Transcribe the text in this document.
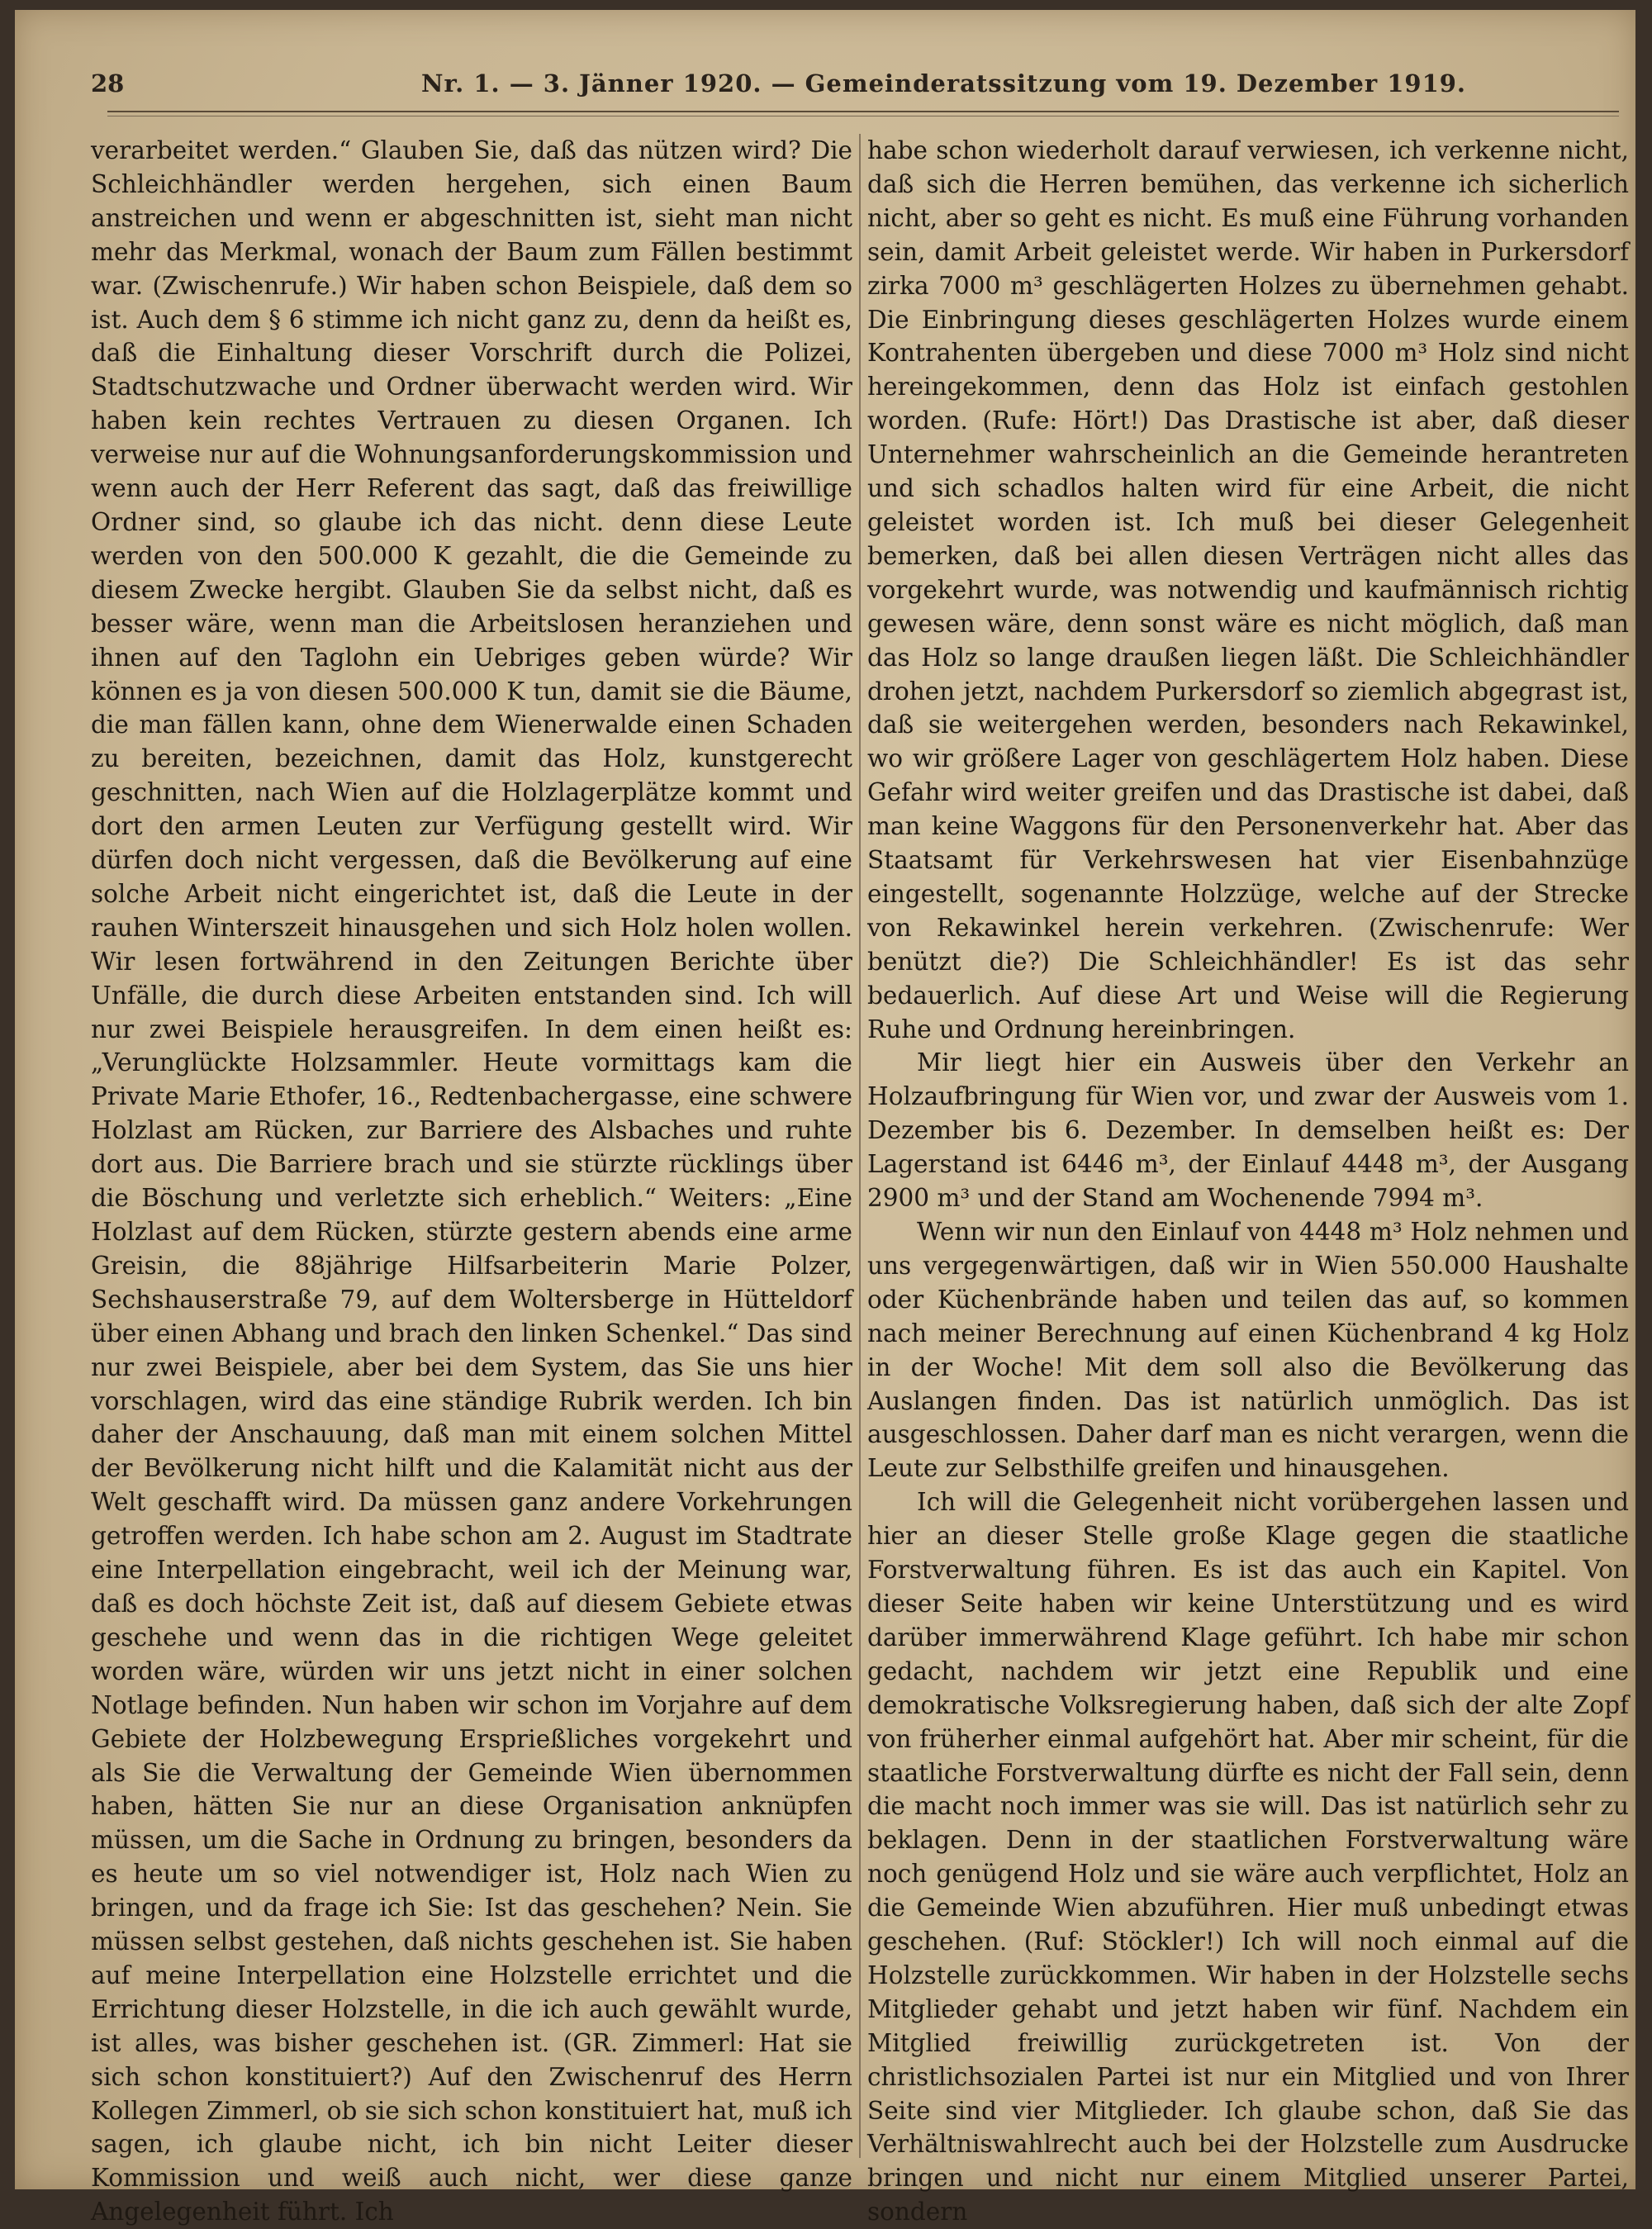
28	Nr. 1. — 3. Jänner 1920. — Gemeinderatssitzung vom 19. Dezember 1919.

verarbeitet werden.“ Glauben Sie, daß das nützen wird? Die Schleichhändler werden hergehen, sich einen Baum anstreichen und wenn er abgeschnitten ist, sieht man nicht mehr das Merkmal, wonach der Baum zum Fällen bestimmt war. (Zwischenrufe.) Wir haben schon Beispiele, daß dem so ist. Auch dem § 6 stimme ich nicht ganz zu, denn da heißt es, daß die Einhaltung dieser Vorschrift durch die Polizei, Stadtschutzwache und Ordner überwacht werden wird. Wir haben kein rechtes Vertrauen zu diesen Organen. Ich verweise nur auf die Wohnungsanforderungskommission und wenn auch der Herr Referent das sagt, daß das freiwillige Ordner sind, so glaube ich das nicht. denn diese Leute werden von den 500.000 K gezahlt, die die Gemeinde zu diesem Zwecke hergibt. Glauben Sie da selbst nicht, daß es besser wäre, wenn man die Arbeitslosen heranziehen und ihnen auf den Taglohn ein Uebriges geben würde? Wir können es ja von diesen 500.000 K tun, damit sie die Bäume, die man fällen kann, ohne dem Wienerwalde einen Schaden zu bereiten, bezeichnen, damit das Holz, kunstgerecht geschnitten, nach Wien auf die Holzlagerplätze kommt und dort den armen Leuten zur Verfügung gestellt wird. Wir dürfen doch nicht vergessen, daß die Bevölkerung auf eine solche Arbeit nicht eingerichtet ist, daß die Leute in der rauhen Winterszeit hinausgehen und sich Holz holen wollen. Wir lesen fortwährend in den Zeitungen Berichte über Unfälle, die durch diese Arbeiten entstanden sind. Ich will nur zwei Beispiele herausgreifen. In dem einen heißt es: „Verunglückte Holzsammler. Heute vormittags kam die Private Marie Ethofer, 16., Redtenbachergasse, eine schwere Holzlast am Rücken, zur Barriere des Alsbaches und ruhte dort aus. Die Barriere brach und sie stürzte rücklings über die Böschung und verletzte sich erheblich.“ Weiters: „Eine Holzlast auf dem Rücken, stürzte gestern abends eine arme Greisin, die 88jährige Hilfsarbeiterin Marie Polzer, Sechshauserstraße 79, auf dem Woltersberge in Hütteldorf über einen Abhang und brach den linken Schenkel.“ Das sind nur zwei Beispiele, aber bei dem System, das Sie uns hier vorschlagen, wird das eine ständige Rubrik werden. Ich bin daher der Anschauung, daß man mit einem solchen Mittel der Bevölkerung nicht hilft und die Kalamität nicht aus der Welt geschafft wird. Da müssen ganz andere Vorkehrungen getroffen werden. Ich habe schon am 2. August im Stadtrate eine Interpellation eingebracht, weil ich der Meinung war, daß es doch höchste Zeit ist, daß auf diesem Gebiete etwas geschehe und wenn das in die richtigen Wege geleitet worden wäre, würden wir uns jetzt nicht in einer solchen Notlage befinden. Nun haben wir schon im Vorjahre auf dem Gebiete der Holzbewegung Ersprießliches vorgekehrt und als Sie die Verwaltung der Gemeinde Wien übernommen haben, hätten Sie nur an diese Organisation anknüpfen müssen, um die Sache in Ordnung zu bringen, besonders da es heute um so viel notwendiger ist, Holz nach Wien zu bringen, und da frage ich Sie: Ist das geschehen? Nein. Sie müssen selbst gestehen, daß nichts geschehen ist. Sie haben auf meine Interpellation eine Holzstelle errichtet und die Errichtung dieser Holzstelle, in die ich auch gewählt wurde, ist alles, was bisher geschehen ist. (GR. Zimmerl: Hat sie sich schon konstituiert?) Auf den Zwischenruf des Herrn Kollegen Zimmerl, ob sie sich schon konstituiert hat, muß ich sagen, ich glaube nicht, ich bin nicht Leiter dieser Kommission und weiß auch nicht, wer diese ganze Angelegenheit führt. Ich

habe schon wiederholt darauf verwiesen, ich verkenne nicht, daß sich die Herren bemühen, das verkenne ich sicherlich nicht, aber so geht es nicht. Es muß eine Führung vorhanden sein, damit Arbeit geleistet werde. Wir haben in Purkersdorf zirka 7000 m³ geschlägerten Holzes zu übernehmen gehabt. Die Einbringung dieses geschlägerten Holzes wurde einem Kontrahenten übergeben und diese 7000 m³ Holz sind nicht hereingekommen, denn das Holz ist einfach gestohlen worden. (Rufe: Hört!) Das Drastische ist aber, daß dieser Unternehmer wahrscheinlich an die Gemeinde herantreten und sich schadlos halten wird für eine Arbeit, die nicht geleistet worden ist. Ich muß bei dieser Gelegenheit bemerken, daß bei allen diesen Verträgen nicht alles das vorgekehrt wurde, was notwendig und kaufmännisch richtig gewesen wäre, denn sonst wäre es nicht möglich, daß man das Holz so lange draußen liegen läßt. Die Schleichhändler drohen jetzt, nachdem Purkersdorf so ziemlich abgegrast ist, daß sie weitergehen werden, besonders nach Rekawinkel, wo wir größere Lager von geschlägertem Holz haben. Diese Gefahr wird weiter greifen und das Drastische ist dabei, daß man keine Waggons für den Personenverkehr hat. Aber das Staatsamt für Verkehrswesen hat vier Eisenbahnzüge eingestellt, sogenannte Holzzüge, welche auf der Strecke von Rekawinkel herein verkehren. (Zwischenrufe: Wer benützt die?) Die Schleichhändler! Es ist das sehr bedauerlich. Auf diese Art und Weise will die Regierung Ruhe und Ordnung hereinbringen.

Mir liegt hier ein Ausweis über den Verkehr an Holzaufbringung für Wien vor, und zwar der Ausweis vom 1. Dezember bis 6. Dezember. In demselben heißt es: Der Lagerstand ist 6446 m³, der Einlauf 4448 m³, der Ausgang 2900 m³ und der Stand am Wochenende 7994 m³.

Wenn wir nun den Einlauf von 4448 m³ Holz nehmen und uns vergegenwärtigen, daß wir in Wien 550.000 Haushalte oder Küchenbrände haben und teilen das auf, so kommen nach meiner Berechnung auf einen Küchenbrand 4 kg Holz in der Woche! Mit dem soll also die Bevölkerung das Auslangen finden. Das ist natürlich unmöglich. Das ist ausgeschlossen. Daher darf man es nicht verargen, wenn die Leute zur Selbsthilfe greifen und hinausgehen.

Ich will die Gelegenheit nicht vorübergehen lassen und hier an dieser Stelle große Klage gegen die staatliche Forstverwaltung führen. Es ist das auch ein Kapitel. Von dieser Seite haben wir keine Unterstützung und es wird darüber immerwährend Klage geführt. Ich habe mir schon gedacht, nachdem wir jetzt eine Republik und eine demokratische Volksregierung haben, daß sich der alte Zopf von früherher einmal aufgehört hat. Aber mir scheint, für die staatliche Forstverwaltung dürfte es nicht der Fall sein, denn die macht noch immer was sie will. Das ist natürlich sehr zu beklagen. Denn in der staatlichen Forstverwaltung wäre noch genügend Holz und sie wäre auch verpflichtet, Holz an die Gemeinde Wien abzuführen. Hier muß unbedingt etwas geschehen. (Ruf: Stöckler!) Ich will noch einmal auf die Holzstelle zurückkommen. Wir haben in der Holzstelle sechs Mitglieder gehabt und jetzt haben wir fünf. Nachdem ein Mitglied freiwillig zurückgetreten ist. Von der christlichsozialen Partei ist nur ein Mitglied und von Ihrer Seite sind vier Mitglieder. Ich glaube schon, daß Sie das Verhältniswahlrecht auch bei der Holzstelle zum Ausdrucke bringen und nicht nur einem Mitglied unserer Partei, sondern
